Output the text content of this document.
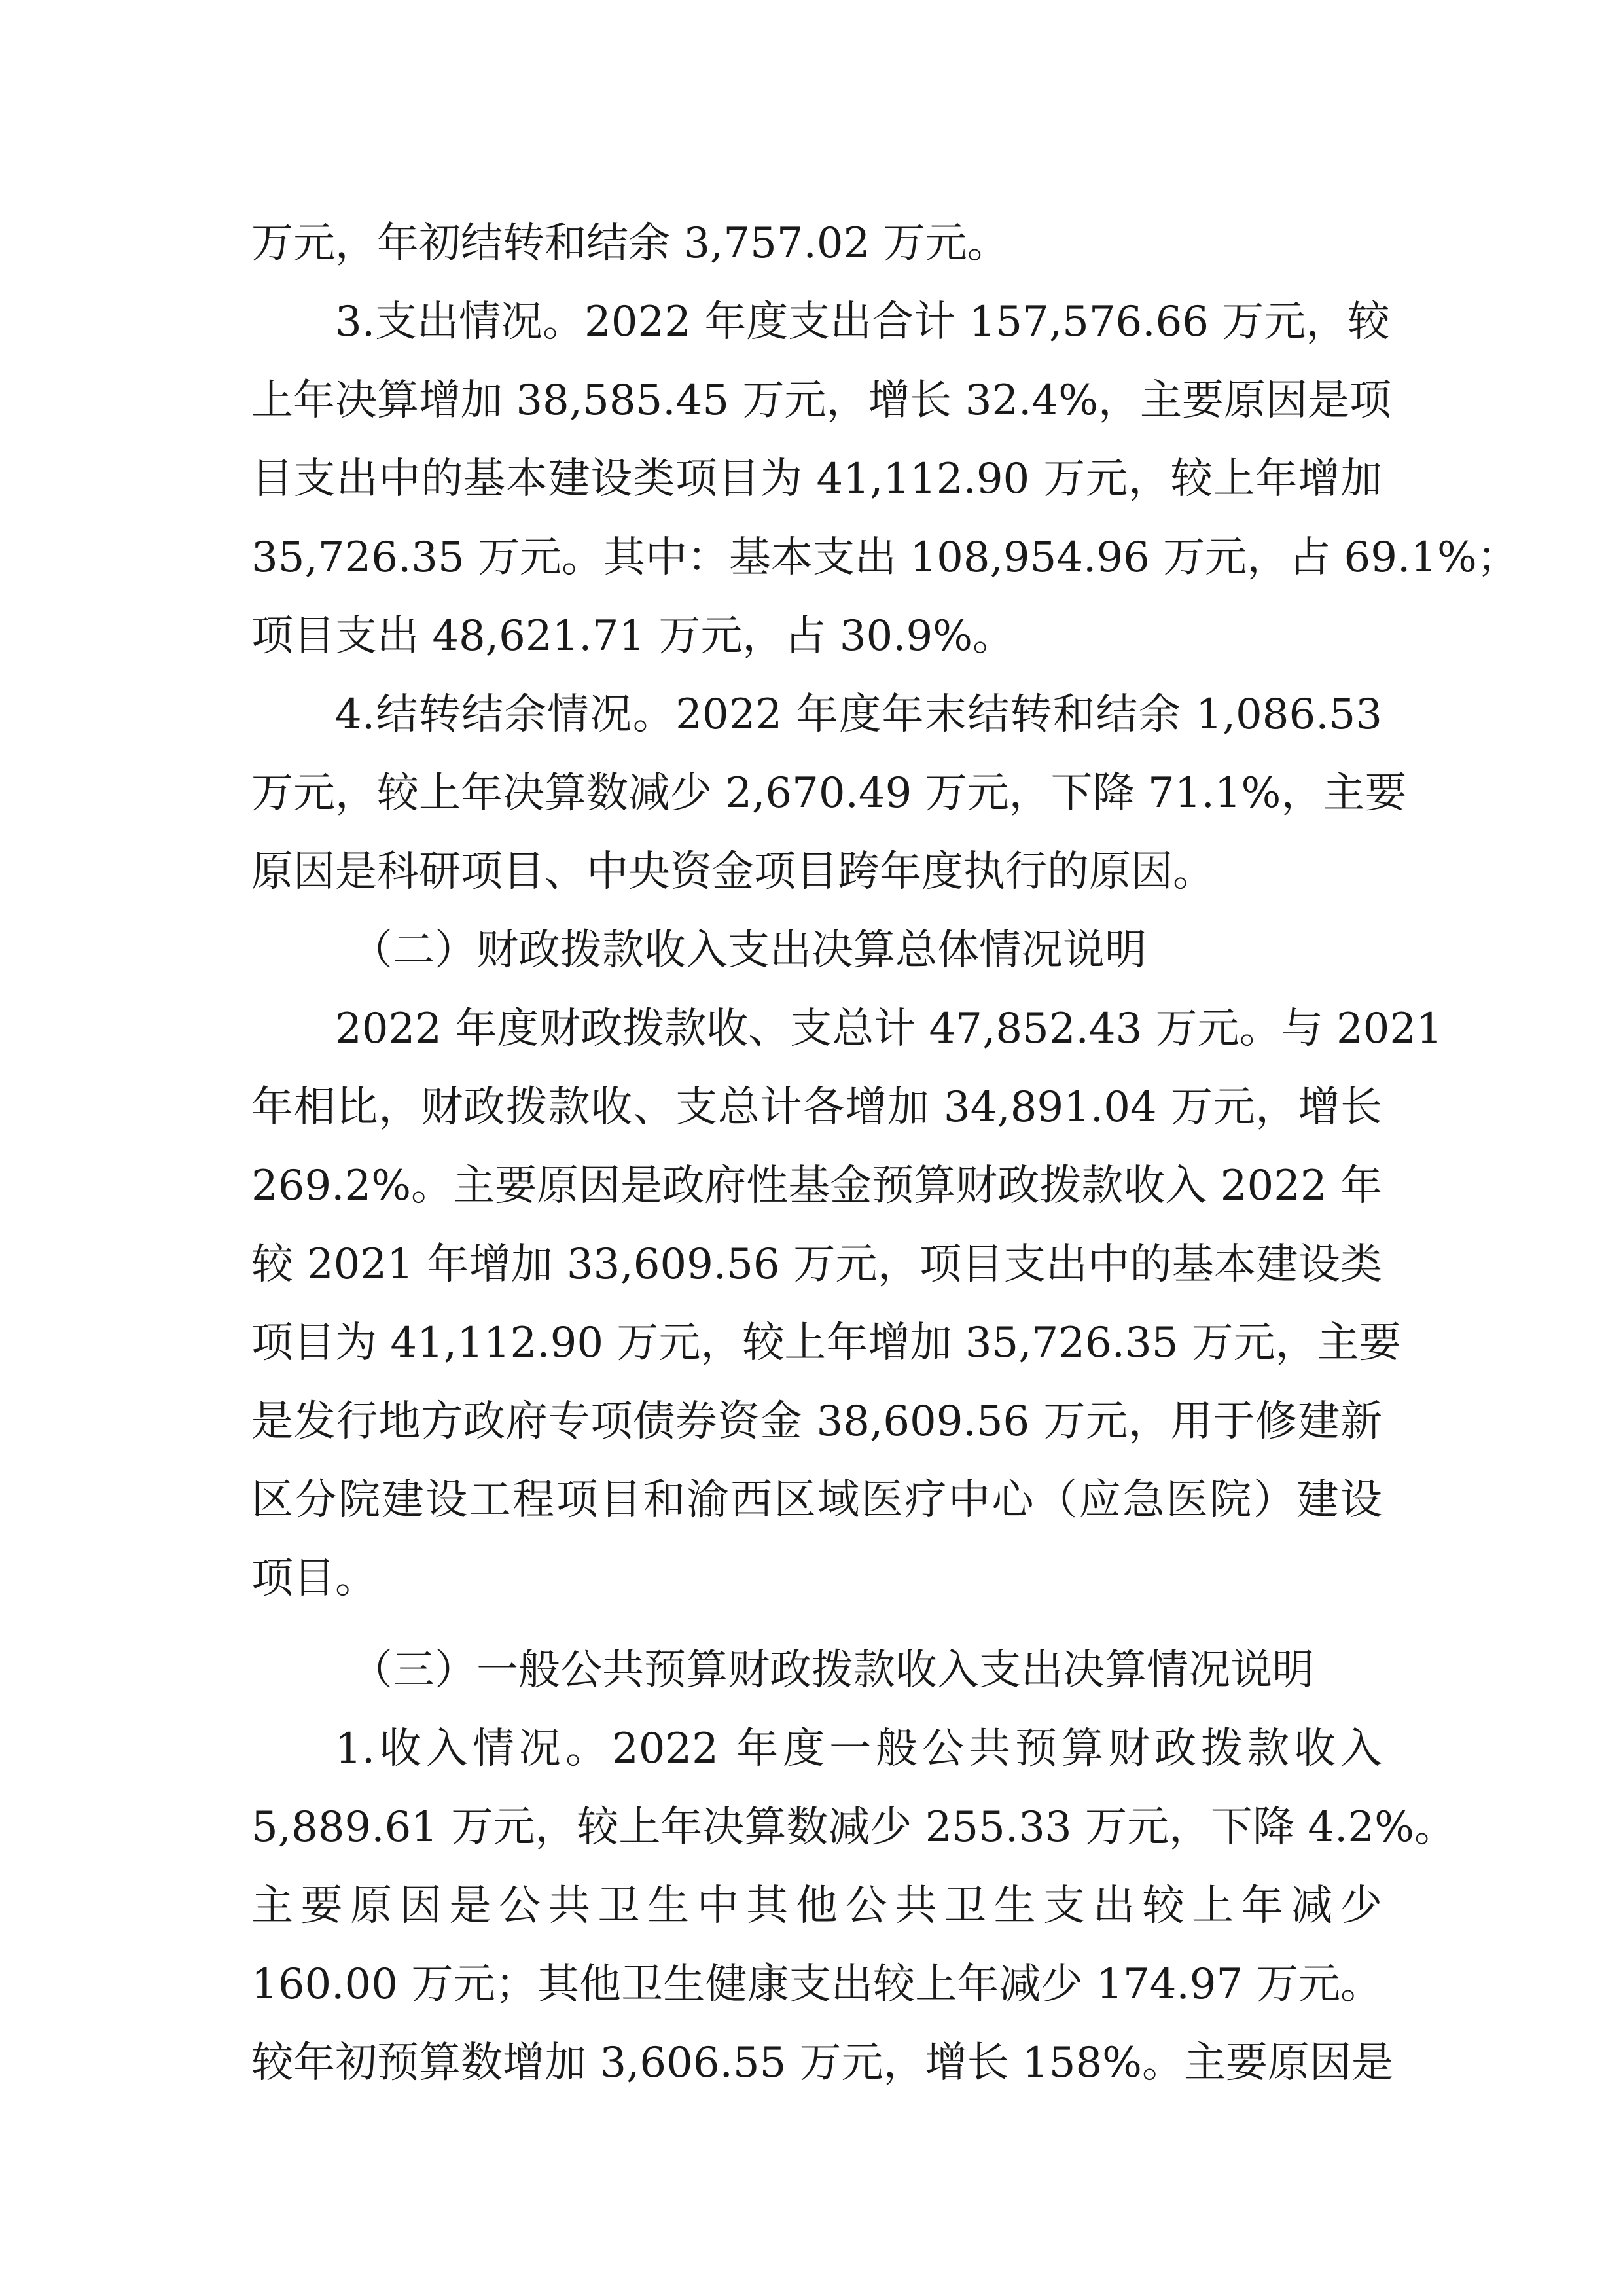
万元，年初结转和结余 3,757.02 万元。
3.支出情况。2022 年度支出合计 157,576.66 万元，较
上年决算增加 38,585.45 万元，增长 32.4%，主要原因是项
目支出中的基本建设类项目为 41,112.90 万元，较上年增加
35,726.35 万元。其中：基本支出 108,954.96 万元，占 69.1%；
项目支出 48,621.71 万元，占 30.9%。
4.结转结余情况。2022 年度年末结转和结余 1,086.53
万元，较上年决算数减少 2,670.49 万元，下降 71.1%，主要
原因是科研项目、中央资金项目跨年度执行的原因。
（二）财政拨款收入支出决算总体情况说明
2022 年度财政拨款收、支总计 47,852.43 万元。与 2021
年相比，财政拨款收、支总计各增加 34,891.04 万元，增长
269.2%。主要原因是政府性基金预算财政拨款收入 2022 年
较 2021 年增加 33,609.56 万元，项目支出中的基本建设类
项目为 41,112.90 万元，较上年增加 35,726.35 万元，主要
是发行地方政府专项债券资金 38,609.56 万元，用于修建新
区分院建设工程项目和渝西区域医疗中心（应急医院）建设
项目。
（三）一般公共预算财政拨款收入支出决算情况说明
1.收入情况。2022 年度一般公共预算财政拨款收入
5,889.61 万元，较上年决算数减少 255.33 万元，下降 4.2%。
主要原因是公共卫生中其他公共卫生支出较上年减少
160.00 万元；其他卫生健康支出较上年减少 174.97 万元。
较年初预算数增加 3,606.55 万元，增长 158%。主要原因是
